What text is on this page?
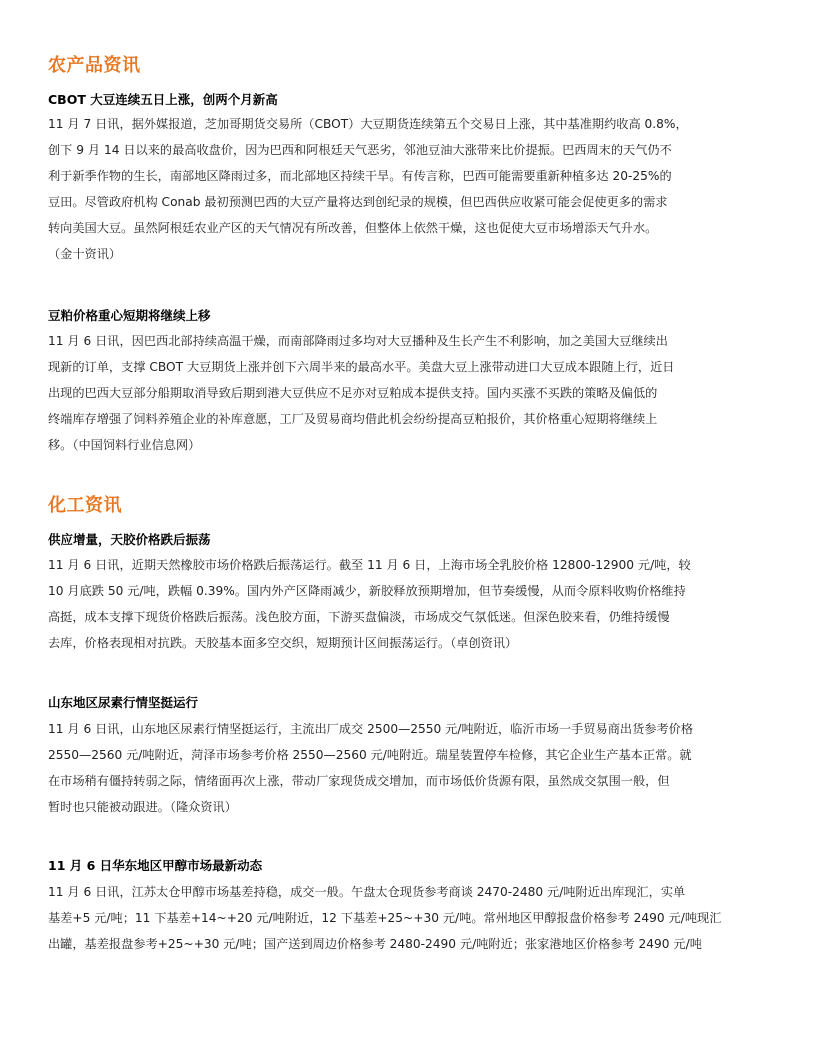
农产品资讯
CBOT 大豆连续五日上涨，创两个月新高
11 月 7 日讯，据外媒报道，芝加哥期货交易所（CBOT）大豆期货连续第五个交易日上涨，其中基准期约收高 0.8%，
创下 9 月 14 日以来的最高收盘价，因为巴西和阿根廷天气恶劣，邻池豆油大涨带来比价提振。巴西周末的天气仍不
利于新季作物的生长，南部地区降雨过多，而北部地区持续干旱。有传言称，巴西可能需要重新种植多达 20-25%的
豆田。尽管政府机构 Conab 最初预测巴西的大豆产量将达到创纪录的规模，但巴西供应收紧可能会促使更多的需求
转向美国大豆。虽然阿根廷农业产区的天气情况有所改善，但整体上依然干燥，这也促使大豆市场增添天气升水。
（金十资讯）
豆粕价格重心短期将继续上移
11 月 6 日讯，因巴西北部持续高温干燥，而南部降雨过多均对大豆播种及生长产生不利影响，加之美国大豆继续出
现新的订单，支撑 CBOT 大豆期货上涨并创下六周半来的最高水平。美盘大豆上涨带动进口大豆成本跟随上行，近日
出现的巴西大豆部分船期取消导致后期到港大豆供应不足亦对豆粕成本提供支持。国内买涨不买跌的策略及偏低的
终端库存增强了饲料养殖企业的补库意愿，工厂及贸易商均借此机会纷纷提高豆粕报价，其价格重心短期将继续上
移。（中国饲料行业信息网）
化工资讯
供应增量，天胶价格跌后振荡
11 月 6 日讯，近期天然橡胶市场价格跌后振荡运行。截至 11 月 6 日，上海市场全乳胶价格 12800-12900 元/吨，较
10 月底跌 50 元/吨，跌幅 0.39%。国内外产区降雨减少，新胶释放预期增加，但节奏缓慢，从而令原料收购价格维持
高挺，成本支撑下现货价格跌后振荡。浅色胶方面，下游买盘偏淡，市场成交气氛低迷。但深色胶来看，仍维持缓慢
去库，价格表现相对抗跌。天胶基本面多空交织，短期预计区间振荡运行。（卓创资讯）
山东地区尿素行情坚挺运行
11 月 6 日讯，山东地区尿素行情坚挺运行，主流出厂成交 2500—2550 元/吨附近，临沂市场一手贸易商出货参考价格
2550—2560 元/吨附近，菏泽市场参考价格 2550—2560 元/吨附近。瑞星装置停车检修，其它企业生产基本正常。就
在市场稍有僵持转弱之际，情绪面再次上涨，带动厂家现货成交增加，而市场低价货源有限，虽然成交氛围一般，但
暂时也只能被动跟进。（隆众资讯）
11 月 6 日华东地区甲醇市场最新动态
11 月 6 日讯，江苏太仓甲醇市场基差持稳，成交一般。午盘太仓现货参考商谈 2470-2480 元/吨附近出库现汇，实单
基差+5 元/吨；11 下基差+14~+20 元/吨附近，12 下基差+25~+30 元/吨。常州地区甲醇报盘价格参考 2490 元/吨现汇
出罐，基差报盘参考+25~+30 元/吨；国产送到周边价格参考 2480-2490 元/吨附近；张家港地区价格参考 2490 元/吨
